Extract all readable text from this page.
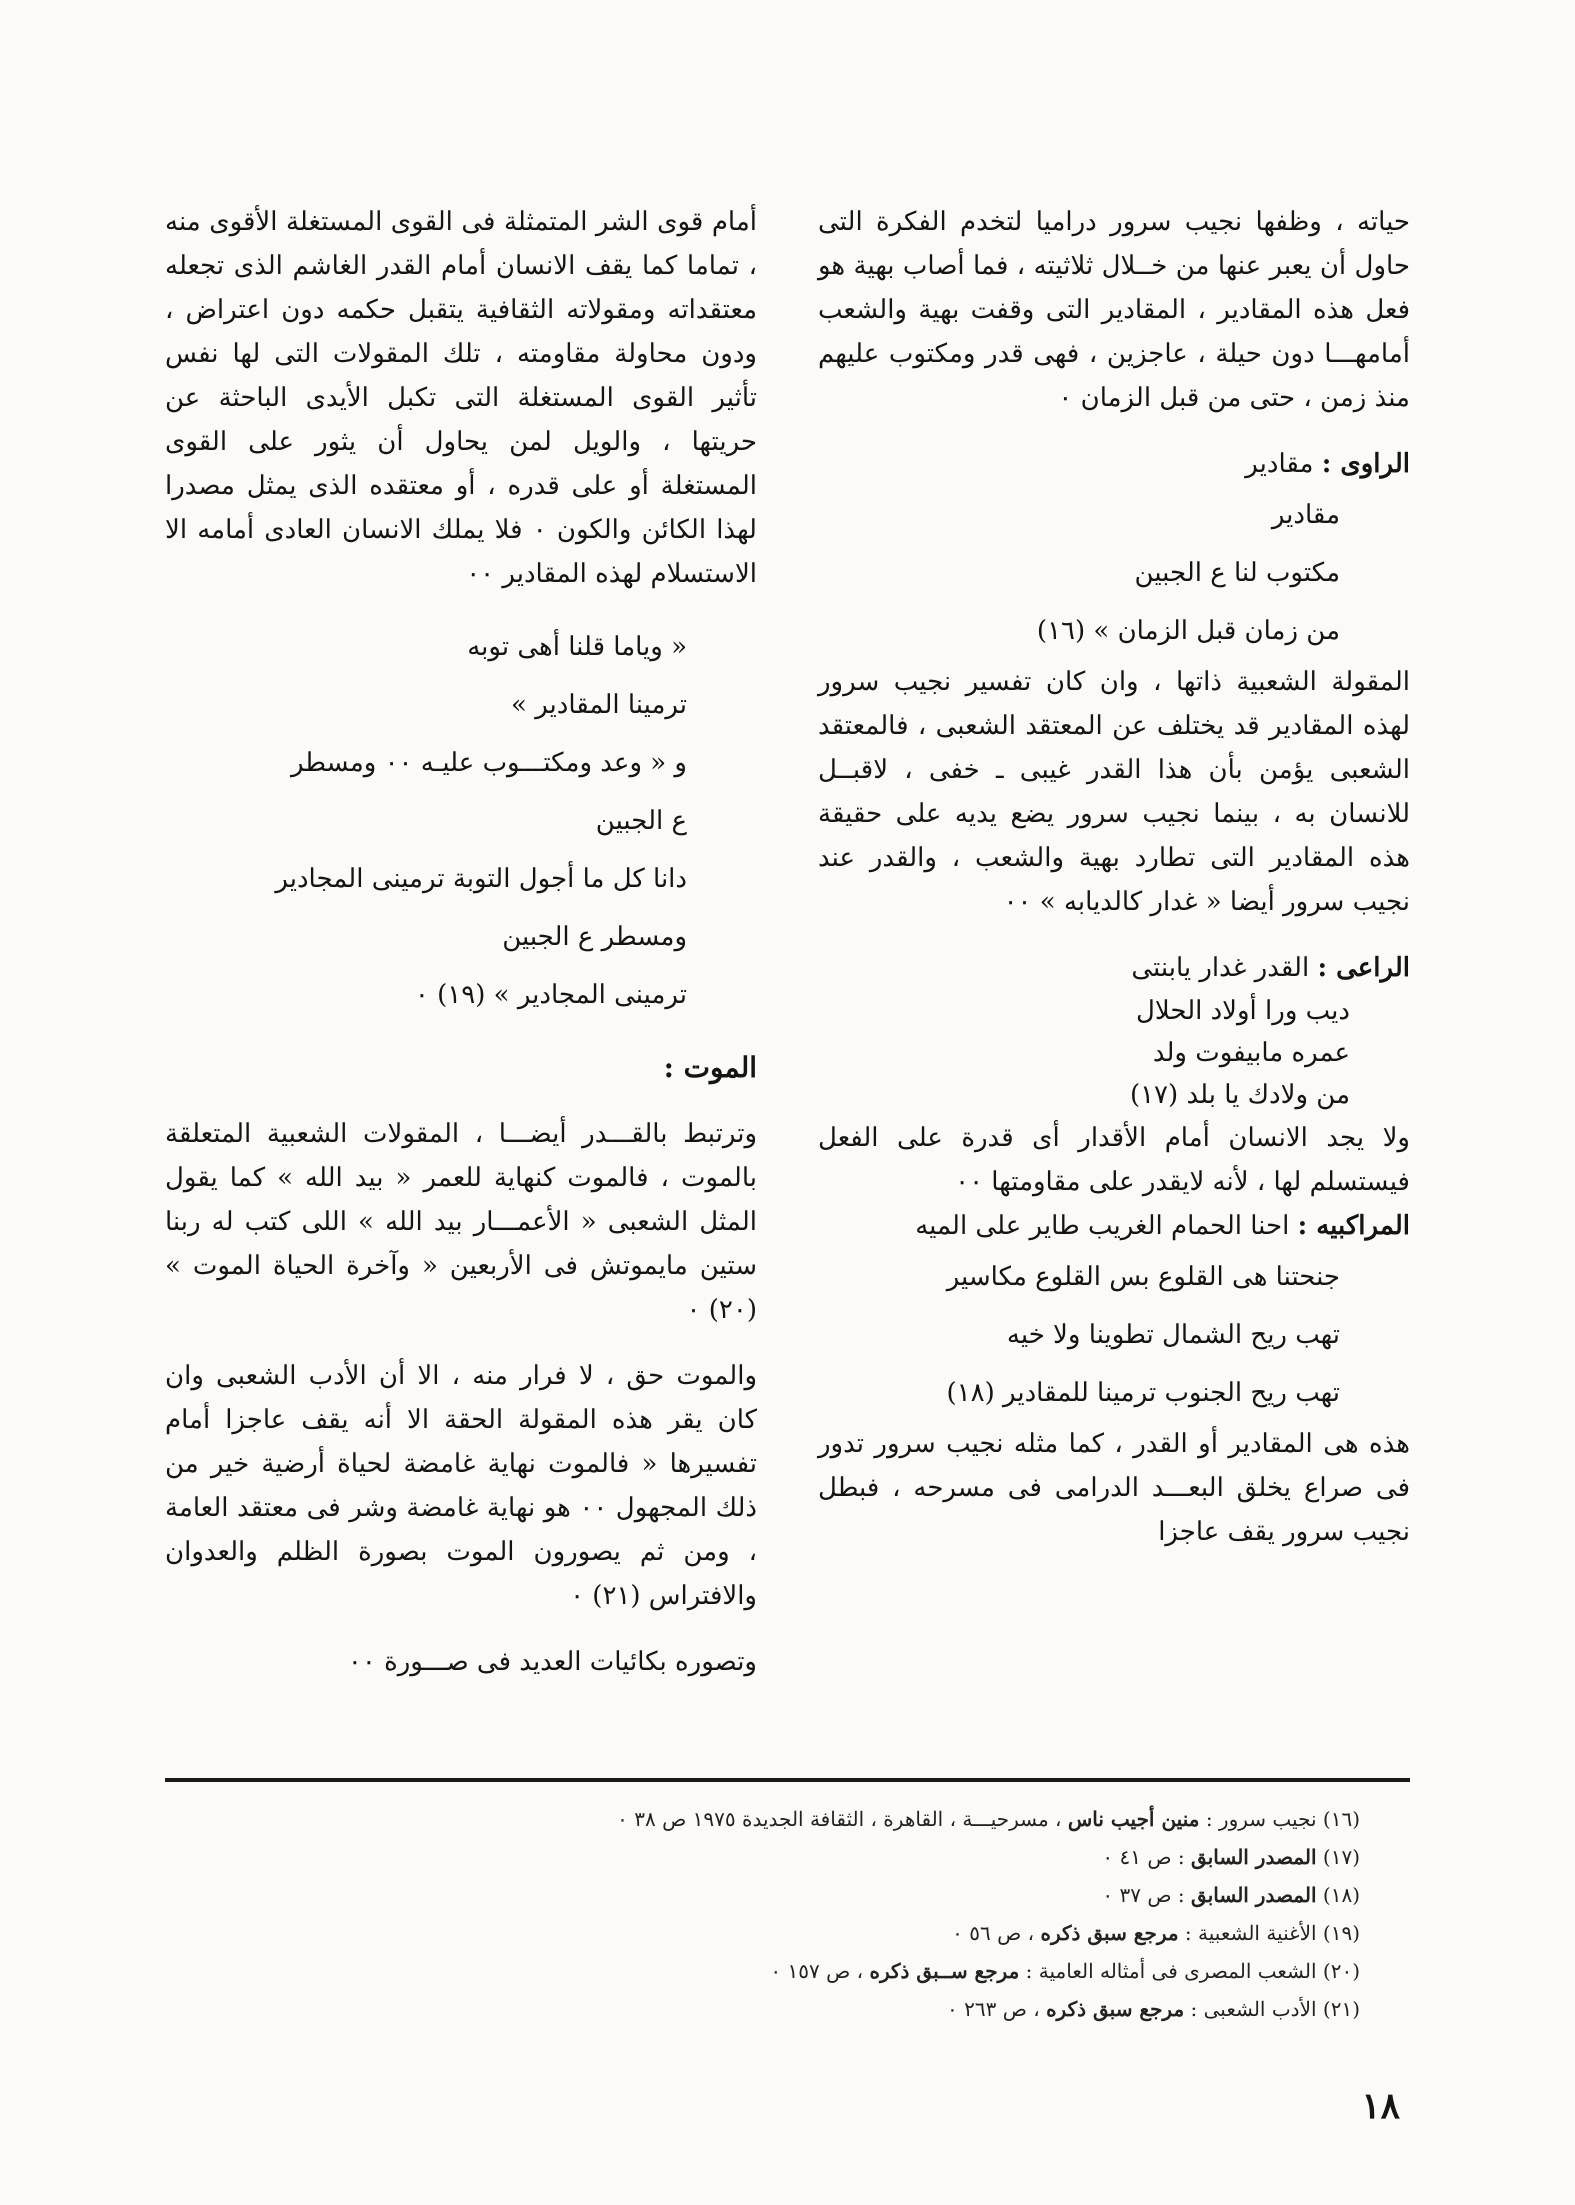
حياته ، وظفها نجيب سرور دراميا لتخدم الفكرة التى حاول أن يعبر عنها من خــلال ثلاثيته ، فما أصاب بهية هو فعل هذه المقادير ، المقادير التى وقفت بهية والشعب أمامهـــا دون حيلة ، عاجزين ، فهى قدر ومكتوب عليهم منذ زمن ، حتى من قبل الزمان ٠

الراوى : مقادير

مقادير
مكتوب لنا ع الجبين
من زمان قبل الزمان » (١٦)

المقولة الشعبية ذاتها ، وان كان تفسير نجيب سرور لهذه المقادير قد يختلف عن المعتقد الشعبى ، فالمعتقد الشعبى يؤمن بأن هذا القدر غيبى ـ خفى ، لاقبــل للانسان به ، بينما نجيب سرور يضع يديه على حقيقة هذه المقادير التى تطارد بهية والشعب ، والقدر عند نجيب سرور أيضا « غدار كالديابه » ٠٠

الراعى : القدر غدار يابنتى

ديب ورا أولاد الحلال
عمره مابيفوت ولد
من ولادك يا بلد (١٧)

ولا يجد الانسان أمام الأقدار أى قدرة على الفعل فيستسلم لها ، لأنه لايقدر على مقاومتها ٠٠

المراكبيه : احنا الحمام الغريب طاير على الميه

جنحتنا هى القلوع بس القلوع مكاسير
تهب ريح الشمال تطوينا ولا خيه
تهب ريح الجنوب ترمينا للمقادير (١٨)

هذه هى المقادير أو القدر ، كما مثله نجيب سرور تدور فى صراع يخلق البعـــد الدرامى فى مسرحه ، فبطل نجيب سرور يقف عاجزا

أمام قوى الشر المتمثلة فى القوى المستغلة الأقوى منه ، تماما كما يقف الانسان أمام القدر الغاشم الذى تجعله معتقداته ومقولاته الثقافية يتقبل حكمه دون اعتراض ، ودون محاولة مقاومته ، تلك المقولات التى لها نفس تأثير القوى المستغلة التى تكبل الأيدى الباحثة عن حريتها ، والويل لمن يحاول أن يثور على القوى المستغلة أو على قدره ، أو معتقده الذى يمثل مصدرا لهذا الكائن والكون ٠ فلا يملك الانسان العادى أمامه الا الاستسلام لهذه المقادير ٠٠

« وياما قلنا أهى توبه
ترمينا المقادير »
و « وعد ومكتـــوب عليـه ٠٠ ومسطر
ع الجبين
دانا كل ما أجول التوبة ترمينى المجادير
ومسطر ع الجبين
ترمينى المجادير » (١٩) ٠

الموت :

وترتبط بالقـــدر أيضـــا ، المقولات الشعبية المتعلقة بالموت ، فالموت كنهاية للعمر « بيد الله » كما يقول المثل الشعبى « الأعمـــار بيد الله » اللى كتب له ربنا ستين مايموتش فى الأربعين « وآخرة الحياة الموت » (٢٠) ٠

والموت حق ، لا فرار منه ، الا أن الأدب الشعبى وان كان يقر هذه المقولة الحقة الا أنه يقف عاجزا أمام تفسيرها « فالموت نهاية غامضة لحياة أرضية خير من ذلك المجهول ٠٠ هو نهاية غامضة وشر فى معتقد العامة ، ومن ثم يصورون الموت بصورة الظلم والعدوان والافتراس (٢١) ٠

وتصوره بكائيات العديد فى صـــورة ٠٠

(١٦) نجيب سرور : منين أجيب ناس ، مسرحيـــة ، القاهرة ، الثقافة الجديدة ١٩٧٥ ص ٣٨ ٠
(١٧) المصدر السابق : ص ٤١ ٠
(١٨) المصدر السابق : ص ٣٧ ٠
(١٩) الأغنية الشعبية : مرجع سبق ذكره ، ص ٥٦ ٠
(٢٠) الشعب المصرى فى أمثاله العامية : مرجع ســبق ذكره ، ص ١٥٧ ٠
(٢١) الأدب الشعبى : مرجع سبق ذكره ، ص ٢٦٣ ٠
١٨
